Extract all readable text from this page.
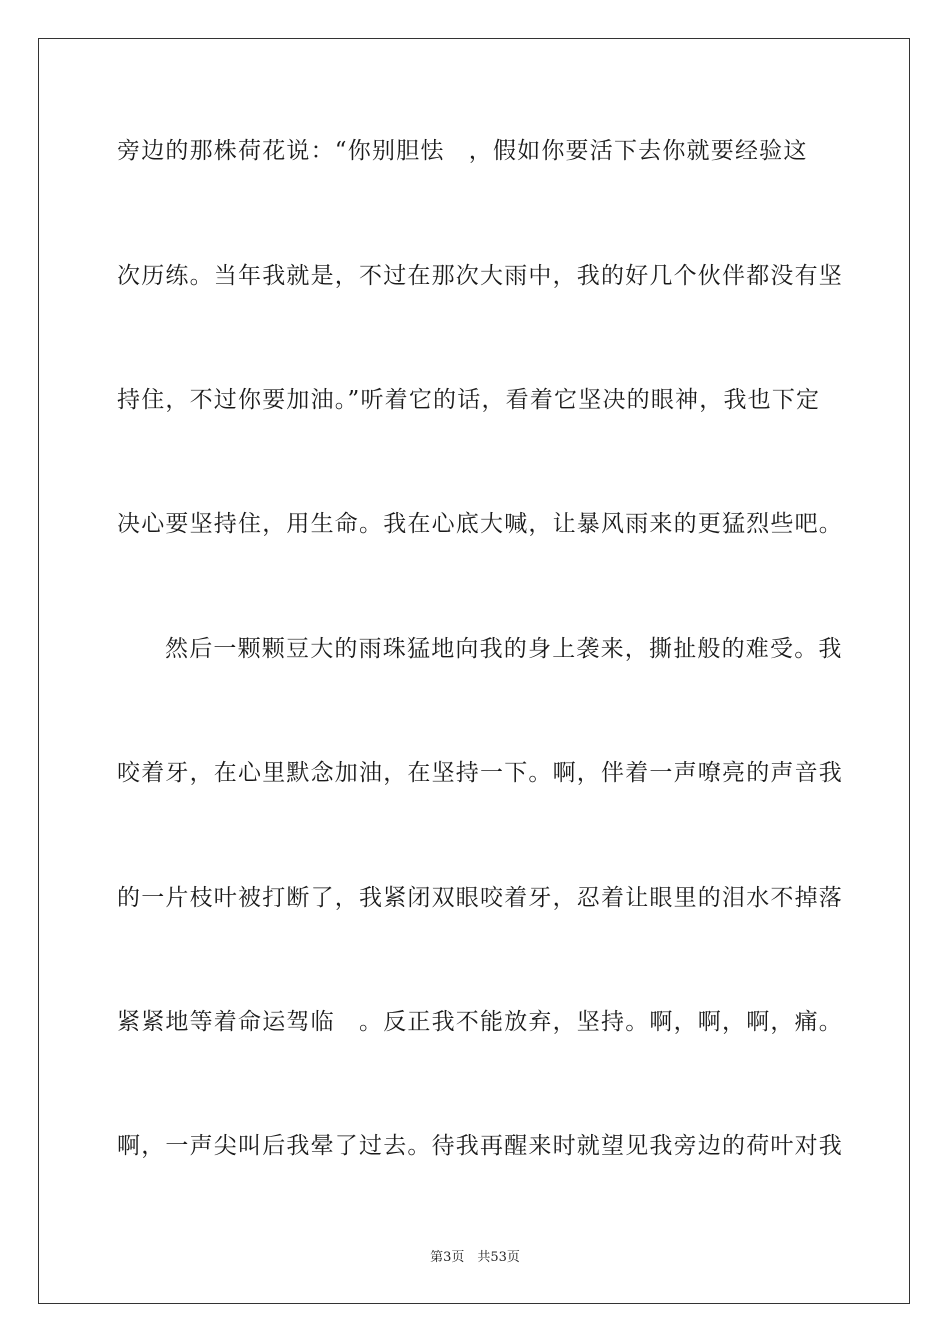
旁边的那株荷花说：“你别胆怯　，假如你要活下去你就要经验这
次历练。当年我就是，不过在那次大雨中，我的好几个伙伴都没有坚
持住，不过你要加油。”听着它的话，看着它坚决的眼神，我也下定
决心要坚持住，用生命。我在心底大喊，让暴风雨来的更猛烈些吧。
然后一颗颗豆大的雨珠猛地向我的身上袭来，撕扯般的难受。我
咬着牙，在心里默念加油，在坚持一下。啊，伴着一声嘹亮的声音我
的一片枝叶被打断了，我紧闭双眼咬着牙，忍着让眼里的泪水不掉落
紧紧地等着命运驾临　。反正我不能放弃，坚持。啊，啊，啊，痛。
啊，一声尖叫后我晕了过去。待我再醒来时就望见我旁边的荷叶对我
第3页　共53页
